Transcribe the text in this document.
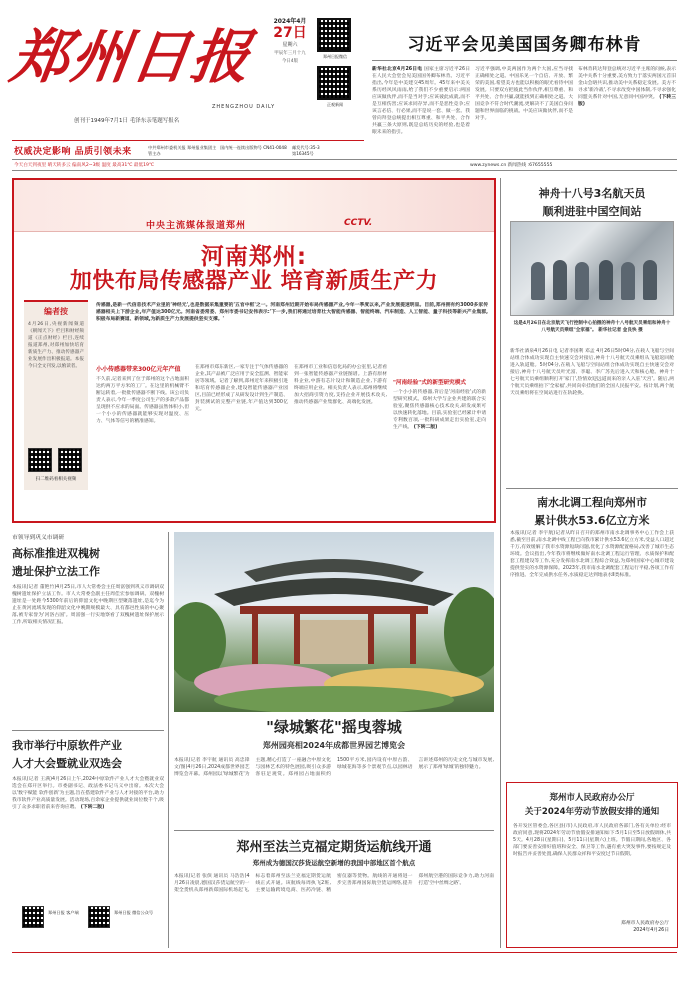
郑州日报
ZHENGZHOU DAILY
创刊于1949年7月1日 毛泽东亲笔题写报名
2024年4月
27日
星期六
甲辰年三月十九
今日4版
郑州日报微信
正观新闻
权威决定影响 品质引领未来	中共郑州市委机关报 郑州报业集团主管主办
国内统一连续出版物号 CN41-0048	邮发代号:35-3
第16345号
今天白天到夜里 晴天转多云 偏南风2~3级 温度 最高31℃ 最低19℃	www.zynews.cn 新闻热线 :67655555
习近平会见美国国务卿布林肯
新华社北京4月26日电 国家主席习近平26日在人民大会堂会见美国国务卿布林肯。习近平指出,今年是中美建交45周年。45年来中美关系历经风风雨雨,给了我们不少重要启示:两国应该做伙伴,而不是当对手;应该彼此成就,而不是互相伤害;应该求同存异,而不是恶性竞争;应该言必信、行必果,而不是说一套、做一套。我曾向拜登总统提出相互尊重、和平共处、合作共赢三条大原则,既是总结历史的经验,也是着眼未来的指引。
习近平强调,中美两国作为两个大国,应当寻找正确相处之道。中国乐见一个自信、开放、繁荣的美国,希望美方也能以积极的眼光看待中国发展。只要双方把彼此当作伙伴,相互尊重、和平共处、合作共赢,就能找到正确相处之道。大国竞争不符合时代潮流,更解决不了美国自身问题和世界面临的挑战。中美应该做伙伴,而不是对手。
布林肯转达拜登总统对习近平主席的问候,表示美中关系十分重要,美方致力于落实两国元首旧金山会晤共识,推动美中关系稳定发展。美方不寻求'新冷战',不寻求改变中国体制,不寻求强化同盟关系针对中国,无意同中国冲突。 (下转三版)
中央主流媒体报道郑州	CCTV.
河南郑州:
加快布局传感器产业 培育新质生产力
传感器,是新一代信息技术产业里的'神经元',也是数据采集重要的'五官中枢'之一。河南郑州近期开始布局传感器产业,今年一季度以来,产业发展提速明显。目前,郑州拥有约3000多家传感器相关上下游企业,年产值达300亿元。河南省委常委、郑州市委书记安伟表示:'下一步,我们将通过培育壮大智能传感器、智能终端、汽车制造、人工智能、量子科技等新兴产业集群,积极布局新赛道、新领域,为新质生产力发展提供坚实支撑。'
编者按
4月26日,央视新闻频道《朝闻天下》栏目和财经频道《正点财经》栏目,连续报道郑州,对郑州加快培育新质生产力、推动传感器产业发展作出积极报道。本报今日全文刊发,以飨读者。
扫二维码看相关视频
小小传感器带来300亿元年产值
不久前,记者来到了位于郑州的这个占地面积达约两万平方米的工厂。在这里的机械臂不断运转着,一批批传感器不断下线。该公司负责人表示,今年一季度公司生产的多款产品都呈现供不应求的局面。传感器虽然体积小,但一个小小的传感器就能够实现对温度、压力、气体等信号的精准感知。
在郑州市郑东新区,一家专注于气体传感器的企业,其产品被广泛应用于安全监测、智能家居等领域。记者了解到,郑州近年来积极引进和培育传感器企业,建设智能传感器产业园区,目前已经形成了从研发设计到生产制造、封装测试的完整产业链,年产值达到300亿元。
在郑州市工业和信息化局的办公室里,记者看到一张智能传感器产业链图谱。上游有原材料企业,中游有芯片设计和制造企业,下游有终端应用企业。相关负责人表示,郑州将继续加大招商引资力度,支持企业开展技术攻关,推动传感器产业集群化、高端化发展。
"河南经验"式的新型研究模式
一个小小的传感器,背后是'河南经验'式的新型研究模式。郑州大学与企业共建的联合实验室,聚焦传感器核心技术攻关,研发成果可以快速转化落地。目前,实验室已经累计申请专利数百项,一批科研成果走出实验室,走向生产线。 (下转二版)
神舟十八号3名航天员
顺利进驻中国空间站
这是4月26日在北京航天飞行控制中心拍摄的神舟十八号航天员乘组和神舟十八号航天员乘组"全家福"。 新华社记者 金良快 摄
新华社酒泉4月26日电 记者李国利 邓孟 4月26日5时04分,在载人飞船与空间站组合体成功实现自主快速交会对接后,神舟十八号航天员乘组从飞船返回舱进入轨道舱。5时04分,在载人飞船与空间站组合体成功实现自主快速交会对接后,神舟十八号航天员叶光富、李聪、李广苏先后进入天和核心舱。神舟十七号航天员乘组顺利打开'家门',热情欢迎远道而来的亲人入驻'天宫'。随后,两个航天员乘组拍下'全家福',共同向牵挂他们的全国人民报平安。按计划,两个航天员乘组将在空间站进行在轨轮换。
南水北调工程向郑州市
累计供水53.6亿立方米
本报讯(记者 李宇航)记者从昨日召开的郑州市南水北调事务中心工作会上获悉,截至目前,南水北调中线工程已向我市累计供水53.6亿立方米,受益人口超过千万,有效缓解了我市水资源短缺问题,优化了水资源配置格局,改善了城市生态环境。会议指出,今年我市将继续做好南水北调工程运行管理、水质保护和配套工程建设等工作,充分发挥南水北调工程综合效益,为郑州国家中心城市建设提供坚实的水资源保障。2023年,我市南水北调配套工程运行平稳,各项工作有序推进。全年完成供水任务,水质稳定达到地表水Ⅱ类标准。
郑州市人民政府办公厅
关于2024年劳动节放假安排的通知
各开发区管委会,各区县(市)人民政府,市人民政府各部门,各有关单位:经市政府同意,现将2024年劳动节放假安排通知如下:5月1日至5日放假调休,共5天。4月28日(星期日)、5月11日(星期六)上班。节假日期间,各地区、各部门要妥善安排好值班和安全、保卫等工作,遇有重大突发事件,要按规定及时报告并妥善处置,确保人民群众祥和平安度过节日假期。
郑州市人民政府办公厅
2024年4月26日
市领导到巩义市调研
高标准推进双槐树
遗址保护立法工作
本报讯(记者 董艳竹)4月25日,市人大常委会主任周富强到巩义市调研双槐树遗址保护立法工作。市人大常委会副主任周佳宏参加调研。双槐树遗址是一处距今5300年前后的仰韶文化中晚期巨型聚落遗址,是迄今为止在黄河流域发现的仰韶文化中晚期规模最大、具有都邑性质的中心聚落,被专家誉为'河洛古国'。周富强一行实地察看了双槐树遗址保护展示工作,听取相关情况汇报。
我市举行中原软件产业
人才大会暨就业双选会
本报讯(记者 王满)4月26日上午,2024中原软件产业人才大会暨就业双选会在郑开区举行。市委副书记、政法委书记马义中出席。本次大会以'数字赋能 软件创新'为主题,旨在搭建软件产业与人才对接的平台,助力我市软件产业高质量发展。活动现场,百余家企业提供就业岗位数千个,吸引了众多求职者前来咨询应聘。 (下转二版)
郑州日报 客户端	郑州日报 微信公众号
"绿城繁花"摇曳蓉城
郑州园亮相2024年成都世界园艺博览会
本报讯(记者 李宇航 通讯员 高忠锋 文/图)4月26日,2024成都世界园艺博览会开幕。郑州园以'绿城繁花'为主题,精心打造了一座融合中原文化与园林艺术的特色展园,吸引众多游客驻足观赏。郑州园占地面积约1500平方米,园内设有中原古韵、绿城花海等多个景观节点,以园林语言讲述郑州的历史文化与城市发展,展示了郑州'绿城'的独特魅力。
郑州至法兰克福定期货运航线开通
郑州成为德国汉莎货运航空新增的我国中部地区首个航点
本报讯(记者 张傧 通讯员 马浩浩)4月26日凌晨,德国汉莎货运航空的一架全货机从郑州新郑国际机场起飞,标志着郑州至法兰克福定期货运航线正式开通。该航线每周执飞2班,主要运输跨境电商、医药冷链、精密仪器等货物。航线的开通将进一步完善郑州国际航空货运网络,提升郑州航空港的国际竞争力,助力河南打造'空中丝绸之路'。
